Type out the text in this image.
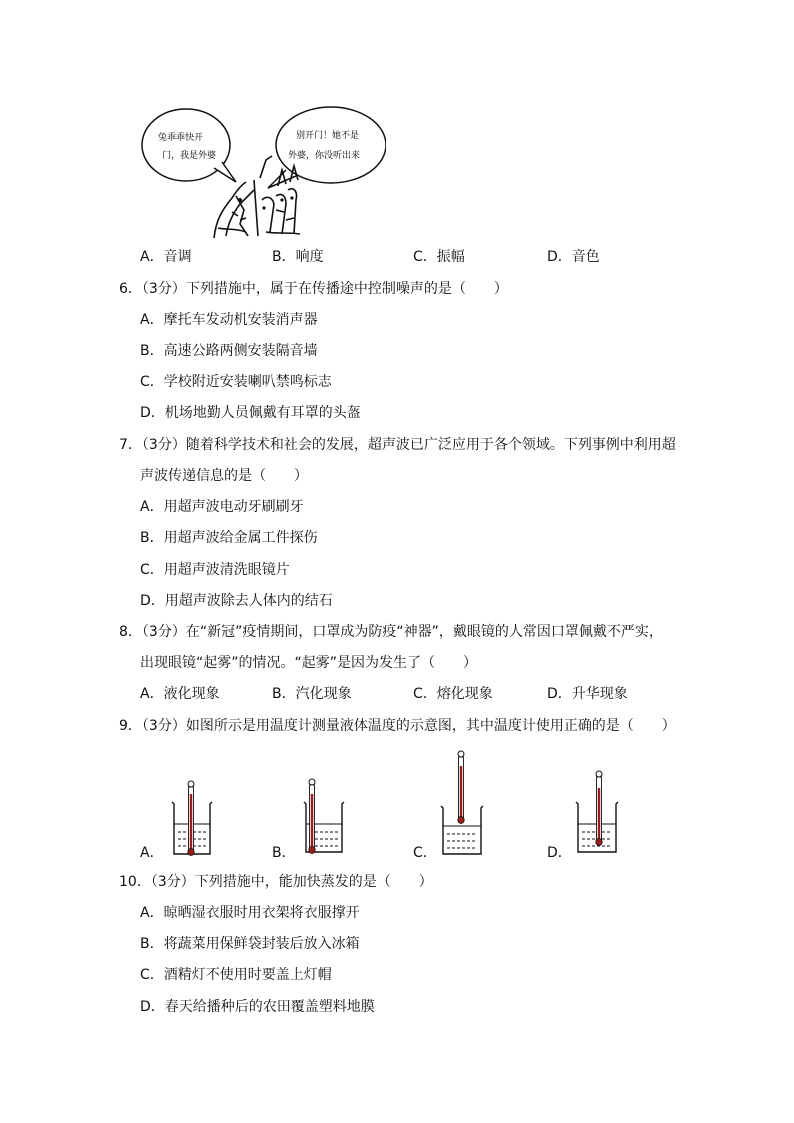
兔乖乖快开
门，我是外婆
别开门！她不是
外婆，你没听出来
A．音调	B．响度	C．振幅	D．音色
6．（3分）下列措施中，属于在传播途中控制噪声的是（　　）
A．摩托车发动机安装消声器
B．高速公路两侧安装隔音墙
C．学校附近安装喇叭禁鸣标志
D．机场地勤人员佩戴有耳罩的头盔
7．（3分）随着科学技术和社会的发展，超声波已广泛应用于各个领域。下列事例中利用超
声波传递信息的是（　　）
A．用超声波电动牙刷刷牙
B．用超声波给金属工件探伤
C．用超声波清洗眼镜片
D．用超声波除去人体内的结石
8．（3分）在“新冠”疫情期间，口罩成为防疫“神器”，戴眼镜的人常因口罩佩戴不严实，
出现眼镜“起雾”的情况。“起雾”是因为发生了（　　）
A．液化现象	B．汽化现象	C．熔化现象	D．升华现象
9．（3分）如图所示是用温度计测量液体温度的示意图，其中温度计使用正确的是（　　）
A．	B．	C．	D．
10．（3分）下列措施中，能加快蒸发的是（　　）
A．晾晒湿衣服时用衣架将衣服撑开
B．将蔬菜用保鲜袋封装后放入冰箱
C．酒精灯不使用时要盖上灯帽
D．春天给播种后的农田覆盖塑料地膜
